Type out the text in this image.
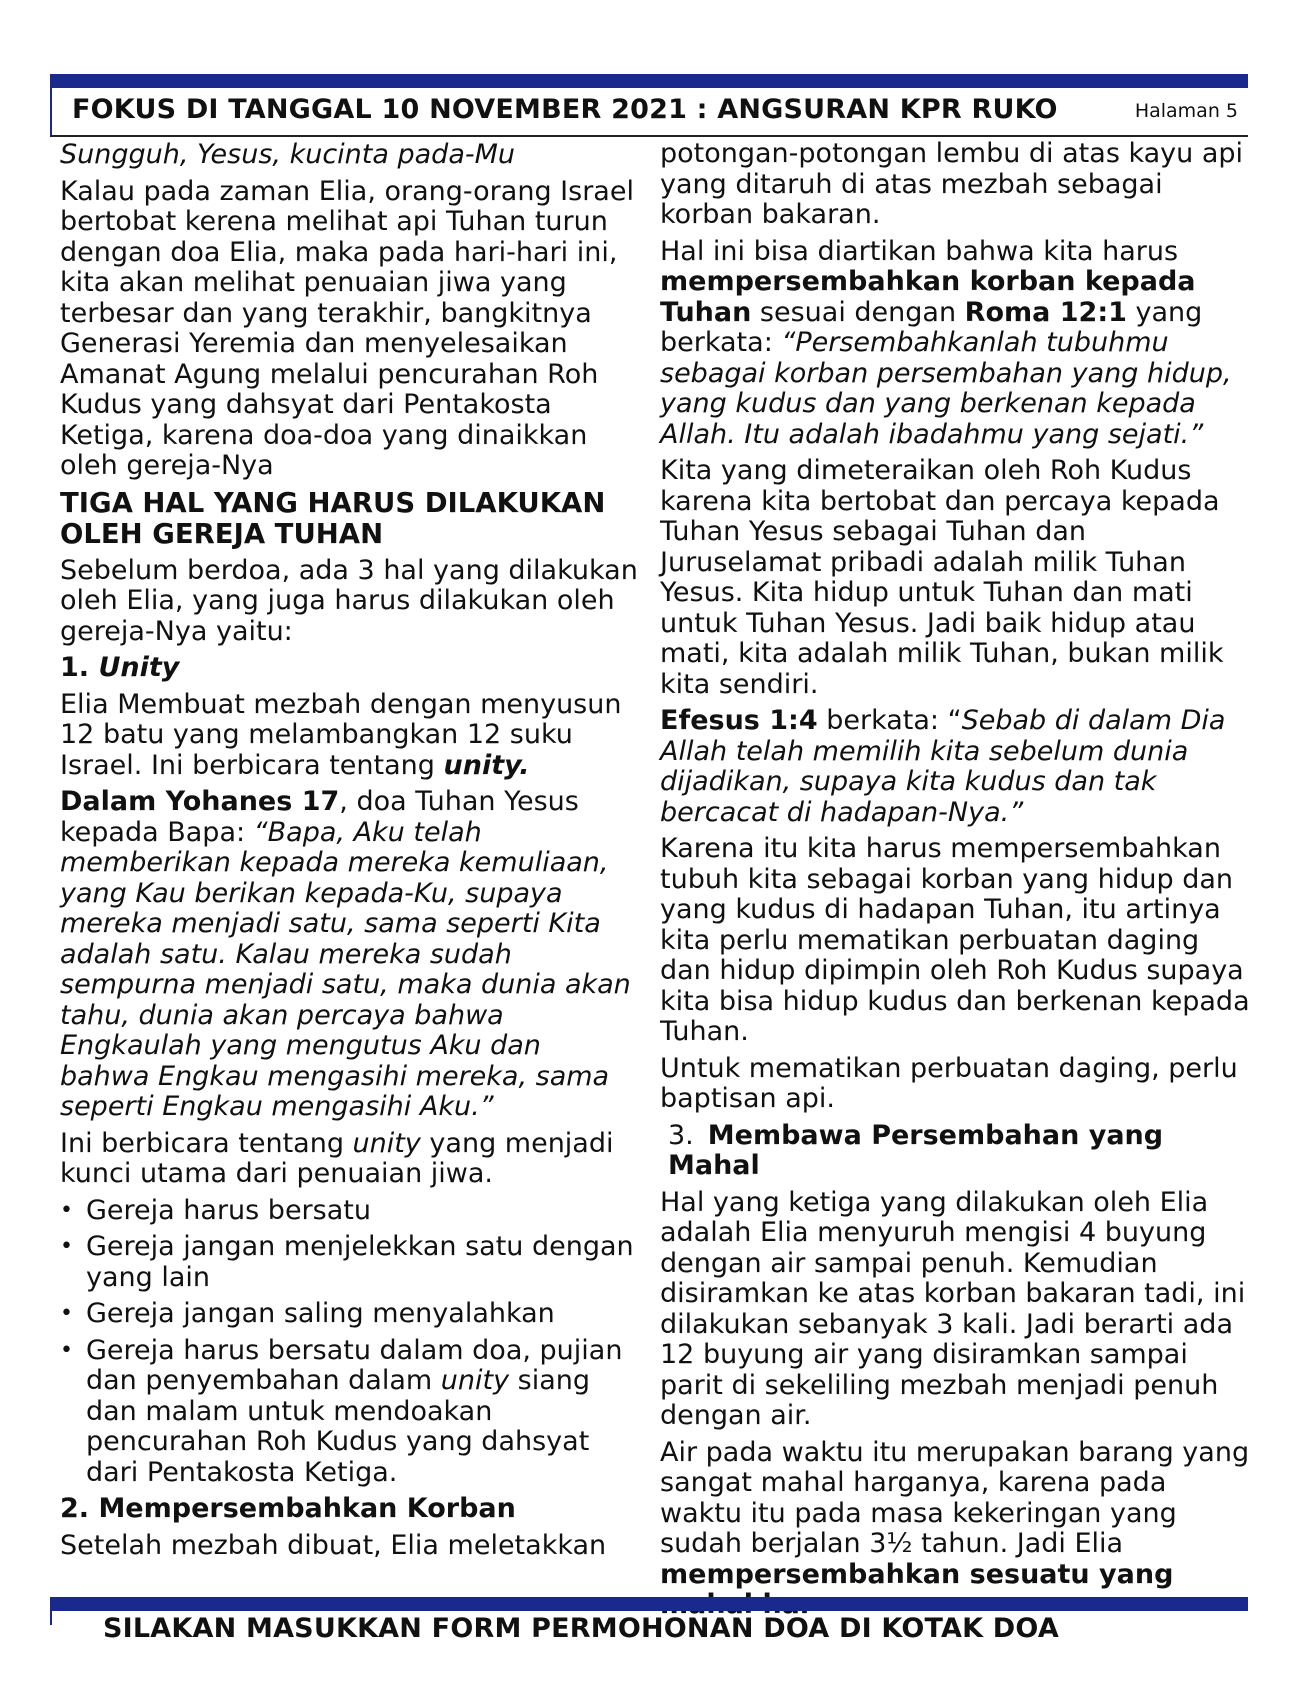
FOKUS DI TANGGAL 10 NOVEMBER 2021 : ANGSURAN KPR RUKO	Halaman 5

Sungguh, Yesus, kucinta pada-Mu

Kalau pada zaman Elia, orang-orang Israel bertobat kerena melihat api Tuhan turun dengan doa Elia, maka pada hari-hari ini, kita akan melihat penuaian jiwa yang terbesar dan yang terakhir, bangkitnya Generasi Yeremia dan menyelesaikan Amanat Agung melalui pencurahan Roh Kudus yang dahsyat dari Pentakosta Ketiga, karena doa-doa yang dinaikkan oleh gereja-Nya

TIGA HAL YANG HARUS DILAKUKAN OLEH GEREJA TUHAN

Sebelum berdoa, ada 3 hal yang dilakukan oleh Elia, yang juga harus dilakukan oleh gereja-Nya yaitu:

1. Unity

Elia Membuat mezbah dengan menyusun 12 batu yang melambangkan 12 suku Israel. Ini berbicara tentang unity.

Dalam Yohanes 17, doa Tuhan Yesus kepada Bapa: “Bapa, Aku telah memberikan kepada mereka kemuliaan, yang Kau berikan kepada-Ku, supaya mereka menjadi satu, sama seperti Kita adalah satu. Kalau mereka sudah sempurna menjadi satu, maka dunia akan tahu, dunia akan percaya bahwa Engkaulah yang mengutus Aku dan bahwa Engkau mengasihi mereka, sama seperti Engkau mengasihi Aku.”

Ini berbicara tentang unity yang menjadi kunci utama dari penuaian jiwa.

• Gereja harus bersatu
• Gereja jangan menjelekkan satu dengan yang lain
• Gereja jangan saling menyalahkan
• Gereja harus bersatu dalam doa, pujian dan penyembahan dalam unity siang dan malam untuk mendoakan pencurahan Roh Kudus yang dahsyat dari Pentakosta Ketiga.

2. Mempersembahkan Korban

Setelah mezbah dibuat, Elia meletakkan

potongan-potongan lembu di atas kayu api yang ditaruh di atas mezbah sebagai korban bakaran.

Hal ini bisa diartikan bahwa kita harus mempersembahkan korban kepada Tuhan sesuai dengan Roma 12:1 yang berkata: “Persembahkanlah tubuhmu sebagai korban persembahan yang hidup, yang kudus dan yang berkenan kepada Allah. Itu adalah ibadahmu yang sejati.”

Kita yang dimeteraikan oleh Roh Kudus karena kita bertobat dan percaya kepada Tuhan Yesus sebagai Tuhan dan Juruselamat pribadi adalah milik Tuhan Yesus. Kita hidup untuk Tuhan dan mati untuk Tuhan Yesus. Jadi baik hidup atau mati, kita adalah milik Tuhan, bukan milik kita sendiri.

Efesus 1:4 berkata: “Sebab di dalam Dia Allah telah memilih kita sebelum dunia dijadikan, supaya kita kudus dan tak bercacat di hadapan-Nya.”

Karena itu kita harus mempersembahkan tubuh kita sebagai korban yang hidup dan yang kudus di hadapan Tuhan, itu artinya kita perlu mematikan perbuatan daging dan hidup dipimpin oleh Roh Kudus supaya kita bisa hidup kudus dan berkenan kepada Tuhan.

Untuk mematikan perbuatan daging, perlu baptisan api.

3. Membawa Persembahan yang Mahal

Hal yang ketiga yang dilakukan oleh Elia adalah Elia menyuruh mengisi 4 buyung dengan air sampai penuh. Kemudian disiramkan ke atas korban bakaran tadi, ini dilakukan sebanyak 3 kali. Jadi berarti ada 12 buyung air yang disiramkan sampai parit di sekeliling mezbah menjadi penuh dengan air.

Air pada waktu itu merupakan barang yang sangat mahal harganya, karena pada waktu itu pada masa kekeringan yang sudah berjalan 3½ tahun. Jadi Elia mempersembahkan sesuatu yang

SILAKAN MASUKKAN FORM PERMOHONAN DOA DI KOTAK DOA
